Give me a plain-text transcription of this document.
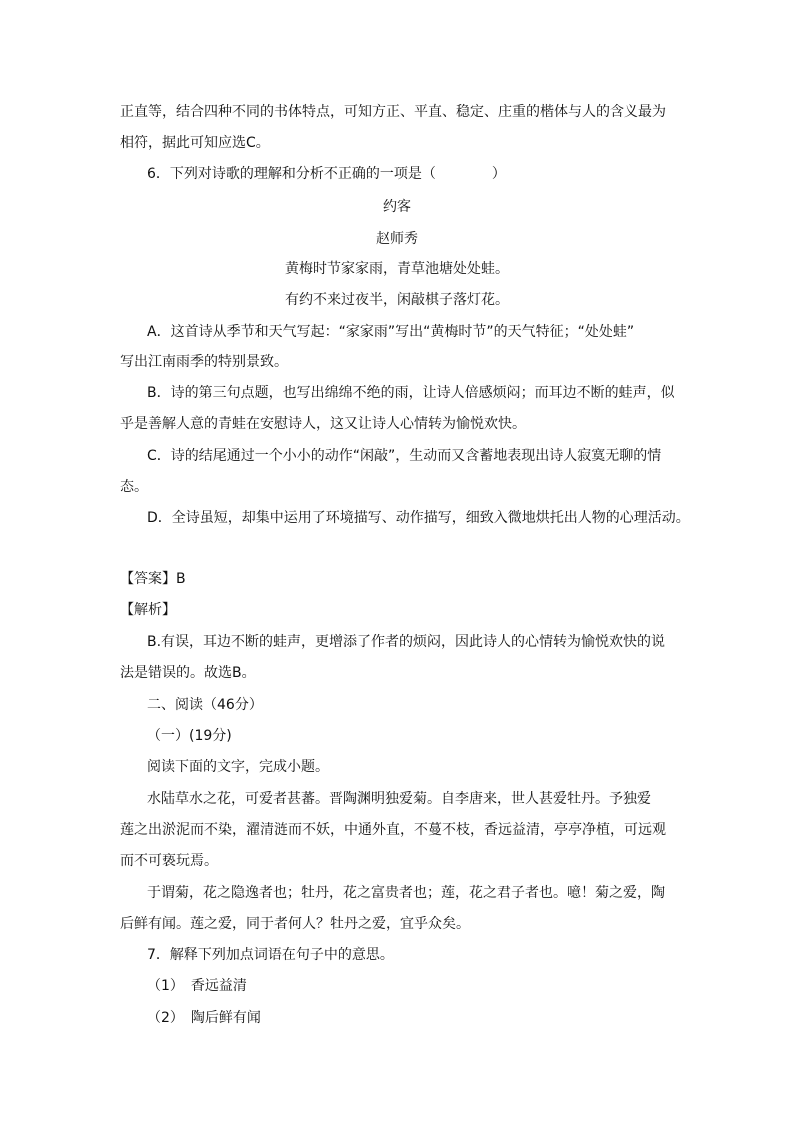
正直等，结合四种不同的书体特点，可知方正、平直、稳定、庄重的楷体与人的含义最为
相符，据此可知应选C。
6．下列对诗歌的理解和分析不正确的一项是（　　　　）
约客
赵师秀
黄梅时节家家雨，青草池塘处处蛙。
有约不来过夜半，闲敲棋子落灯花。
A．这首诗从季节和天气写起：“家家雨”写出“黄梅时节”的天气特征；“处处蛙”
写出江南雨季的特别景致。
B．诗的第三句点题，也写出绵绵不绝的雨，让诗人倍感烦闷；而耳边不断的蛙声，似
乎是善解人意的青蛙在安慰诗人，这又让诗人心情转为愉悦欢快。
C．诗的结尾通过一个小小的动作“闲敲”，生动而又含蓄地表现出诗人寂寞无聊的情
态。
D．全诗虽短，却集中运用了环境描写、动作描写，细致入微地烘托出人物的心理活动。
【答案】B
【解析】
B.有误，耳边不断的蛙声，更增添了作者的烦闷，因此诗人的心情转为愉悦欢快的说
法是错误的。故选B。
二、阅读（46分）
（一）(19分)
阅读下面的文字，完成小题。
水陆草水之花，可爱者甚蕃。晋陶渊明独爱菊。自李唐来，世人甚爱牡丹。予独爱
莲之出淤泥而不染，濯清涟而不妖，中通外直，不蔓不枝，香远益清，亭亭净植，可远观
而不可亵玩焉。
于谓菊，花之隐逸者也；牡丹，花之富贵者也；莲，花之君子者也。噫！菊之爱，陶
后鲜有闻。莲之爱，同于者何人？牡丹之爱，宜乎众矣。
7．解释下列加点词语在句子中的意思。
（1）　香远益清
（2）　陶后鲜有闻
